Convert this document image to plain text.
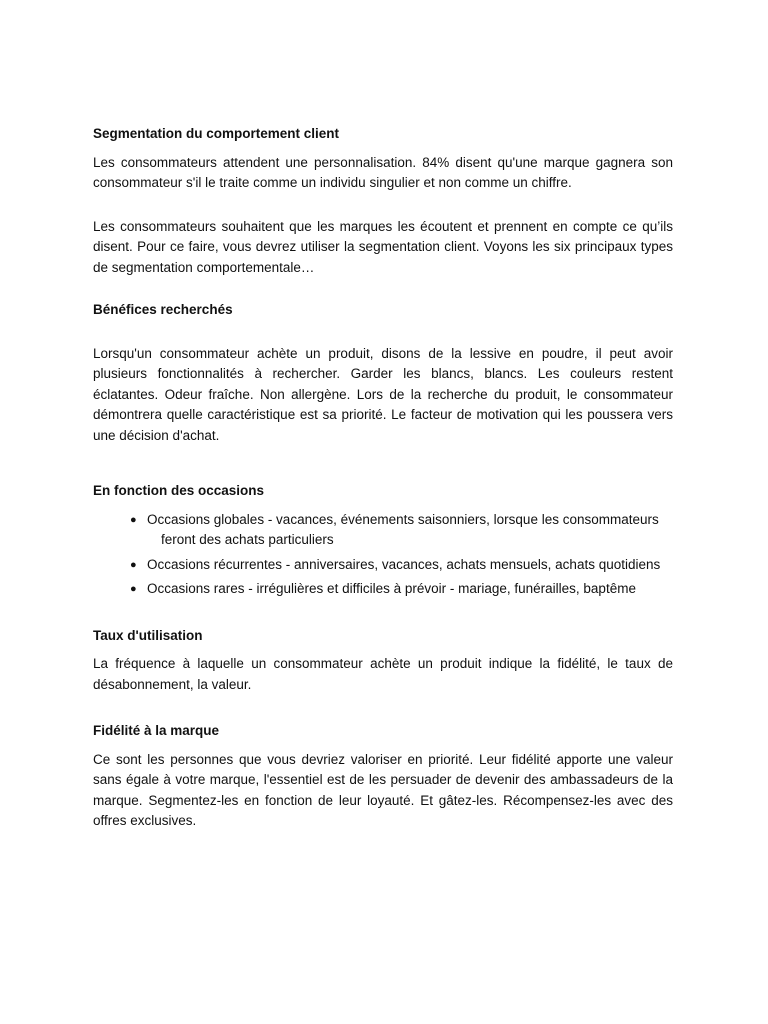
Segmentation du comportement client

Les consommateurs attendent une personnalisation. 84% disent qu'une marque gagnera son consommateur s'il le traite comme un individu singulier et non comme un chiffre.

Les consommateurs souhaitent que les marques les écoutent et prennent en compte ce qu’ils disent. Pour ce faire, vous devrez utiliser la segmentation client. Voyons les six principaux types de segmentation comportementale…

Bénéfices recherchés

Lorsqu'un consommateur achète un produit, disons de la lessive en poudre, il peut avoir plusieurs fonctionnalités à rechercher. Garder les blancs, blancs. Les couleurs restent éclatantes. Odeur fraîche. Non allergène. Lors de la recherche du produit, le consommateur démontrera quelle caractéristique est sa priorité. Le facteur de motivation qui les poussera vers une décision d'achat.

En fonction des occasions

● Occasions globales - vacances, événements saisonniers, lorsque les consommateurs
feront des achats particuliers
● Occasions récurrentes - anniversaires, vacances, achats mensuels, achats quotidiens
● Occasions rares - irrégulières et difficiles à prévoir - mariage, funérailles, baptême

Taux d'utilisation

La fréquence à laquelle un consommateur achète un produit indique la fidélité, le taux de désabonnement, la valeur.

Fidélité à la marque

Ce sont les personnes que vous devriez valoriser en priorité. Leur fidélité apporte une valeur sans égale à votre marque, l'essentiel est de les persuader de devenir des ambassadeurs de la marque. Segmentez-les en fonction de leur loyauté. Et gâtez-les. Récompensez-les avec des offres exclusives.
